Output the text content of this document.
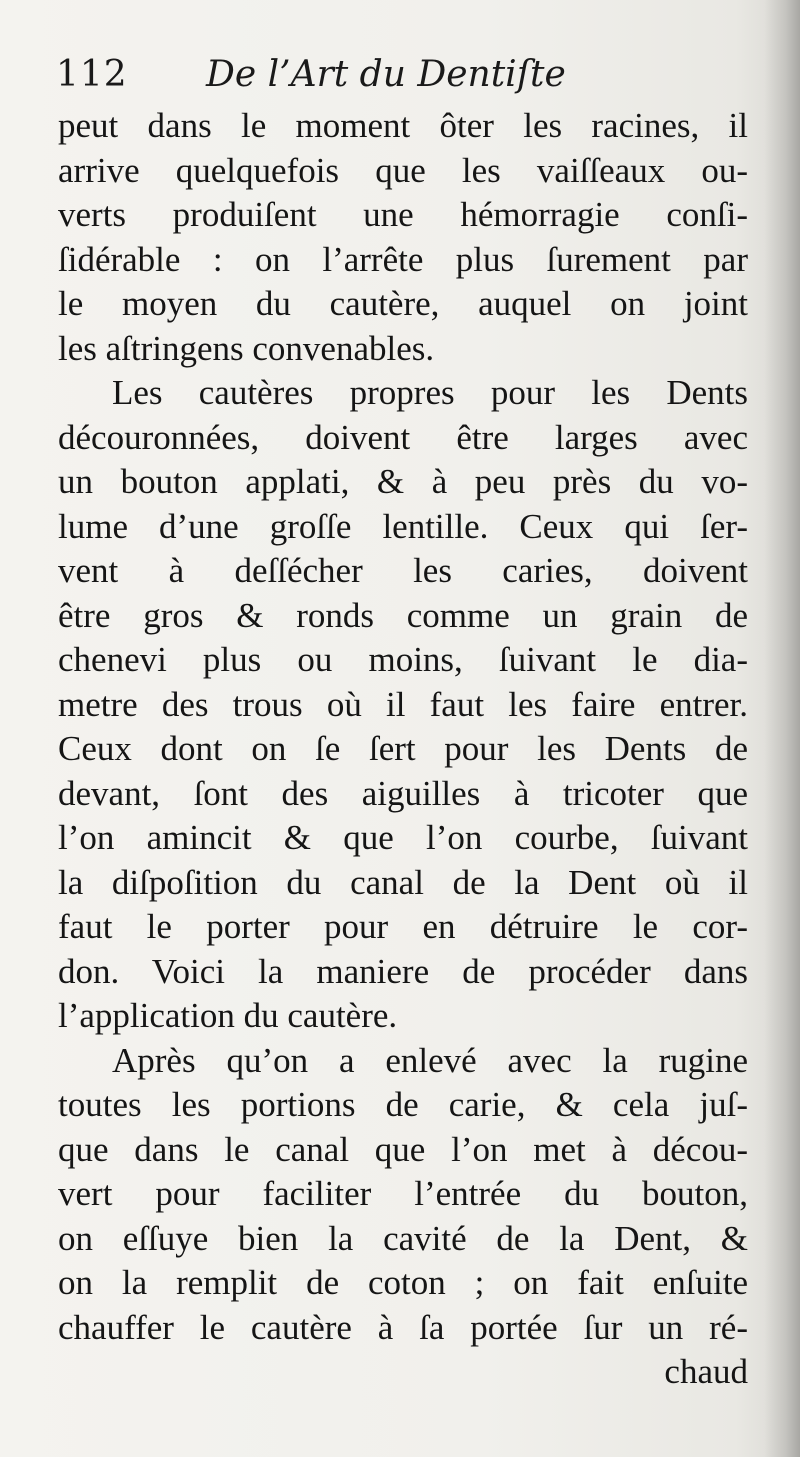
112 De l’Art du Dentiſte
peut dans le moment ôter les racines, il
arrive quelquefois que les vaiſſeaux ou-
verts produiſent une hémorragie conſi-
ſidérable : on l’arrête plus ſurement par
le moyen du cautère, auquel on joint
les aſtringens convenables.
Les cautères propres pour les Dents
découronnées, doivent être larges avec
un bouton applati, & à peu près du vo-
lume d’une groſſe lentille. Ceux qui ſer-
vent à deſſécher les caries, doivent
être gros & ronds comme un grain de
chenevi plus ou moins, ſuivant le dia-
metre des trous où il faut les faire entrer.
Ceux dont on ſe ſert pour les Dents de
devant, ſont des aiguilles à tricoter que
l’on amincit & que l’on courbe, ſuivant
la diſpoſition du canal de la Dent où il
faut le porter pour en détruire le cor-
don. Voici la maniere de procéder dans
l’application du cautère.
Après qu’on a enlevé avec la rugine
toutes les portions de carie, & cela juſ-
que dans le canal que l’on met à décou-
vert pour faciliter l’entrée du bouton,
on eſſuye bien la cavité de la Dent, &
on la remplit de coton ; on fait enſuite
chauffer le cautère à ſa portée ſur un ré-
chaud
